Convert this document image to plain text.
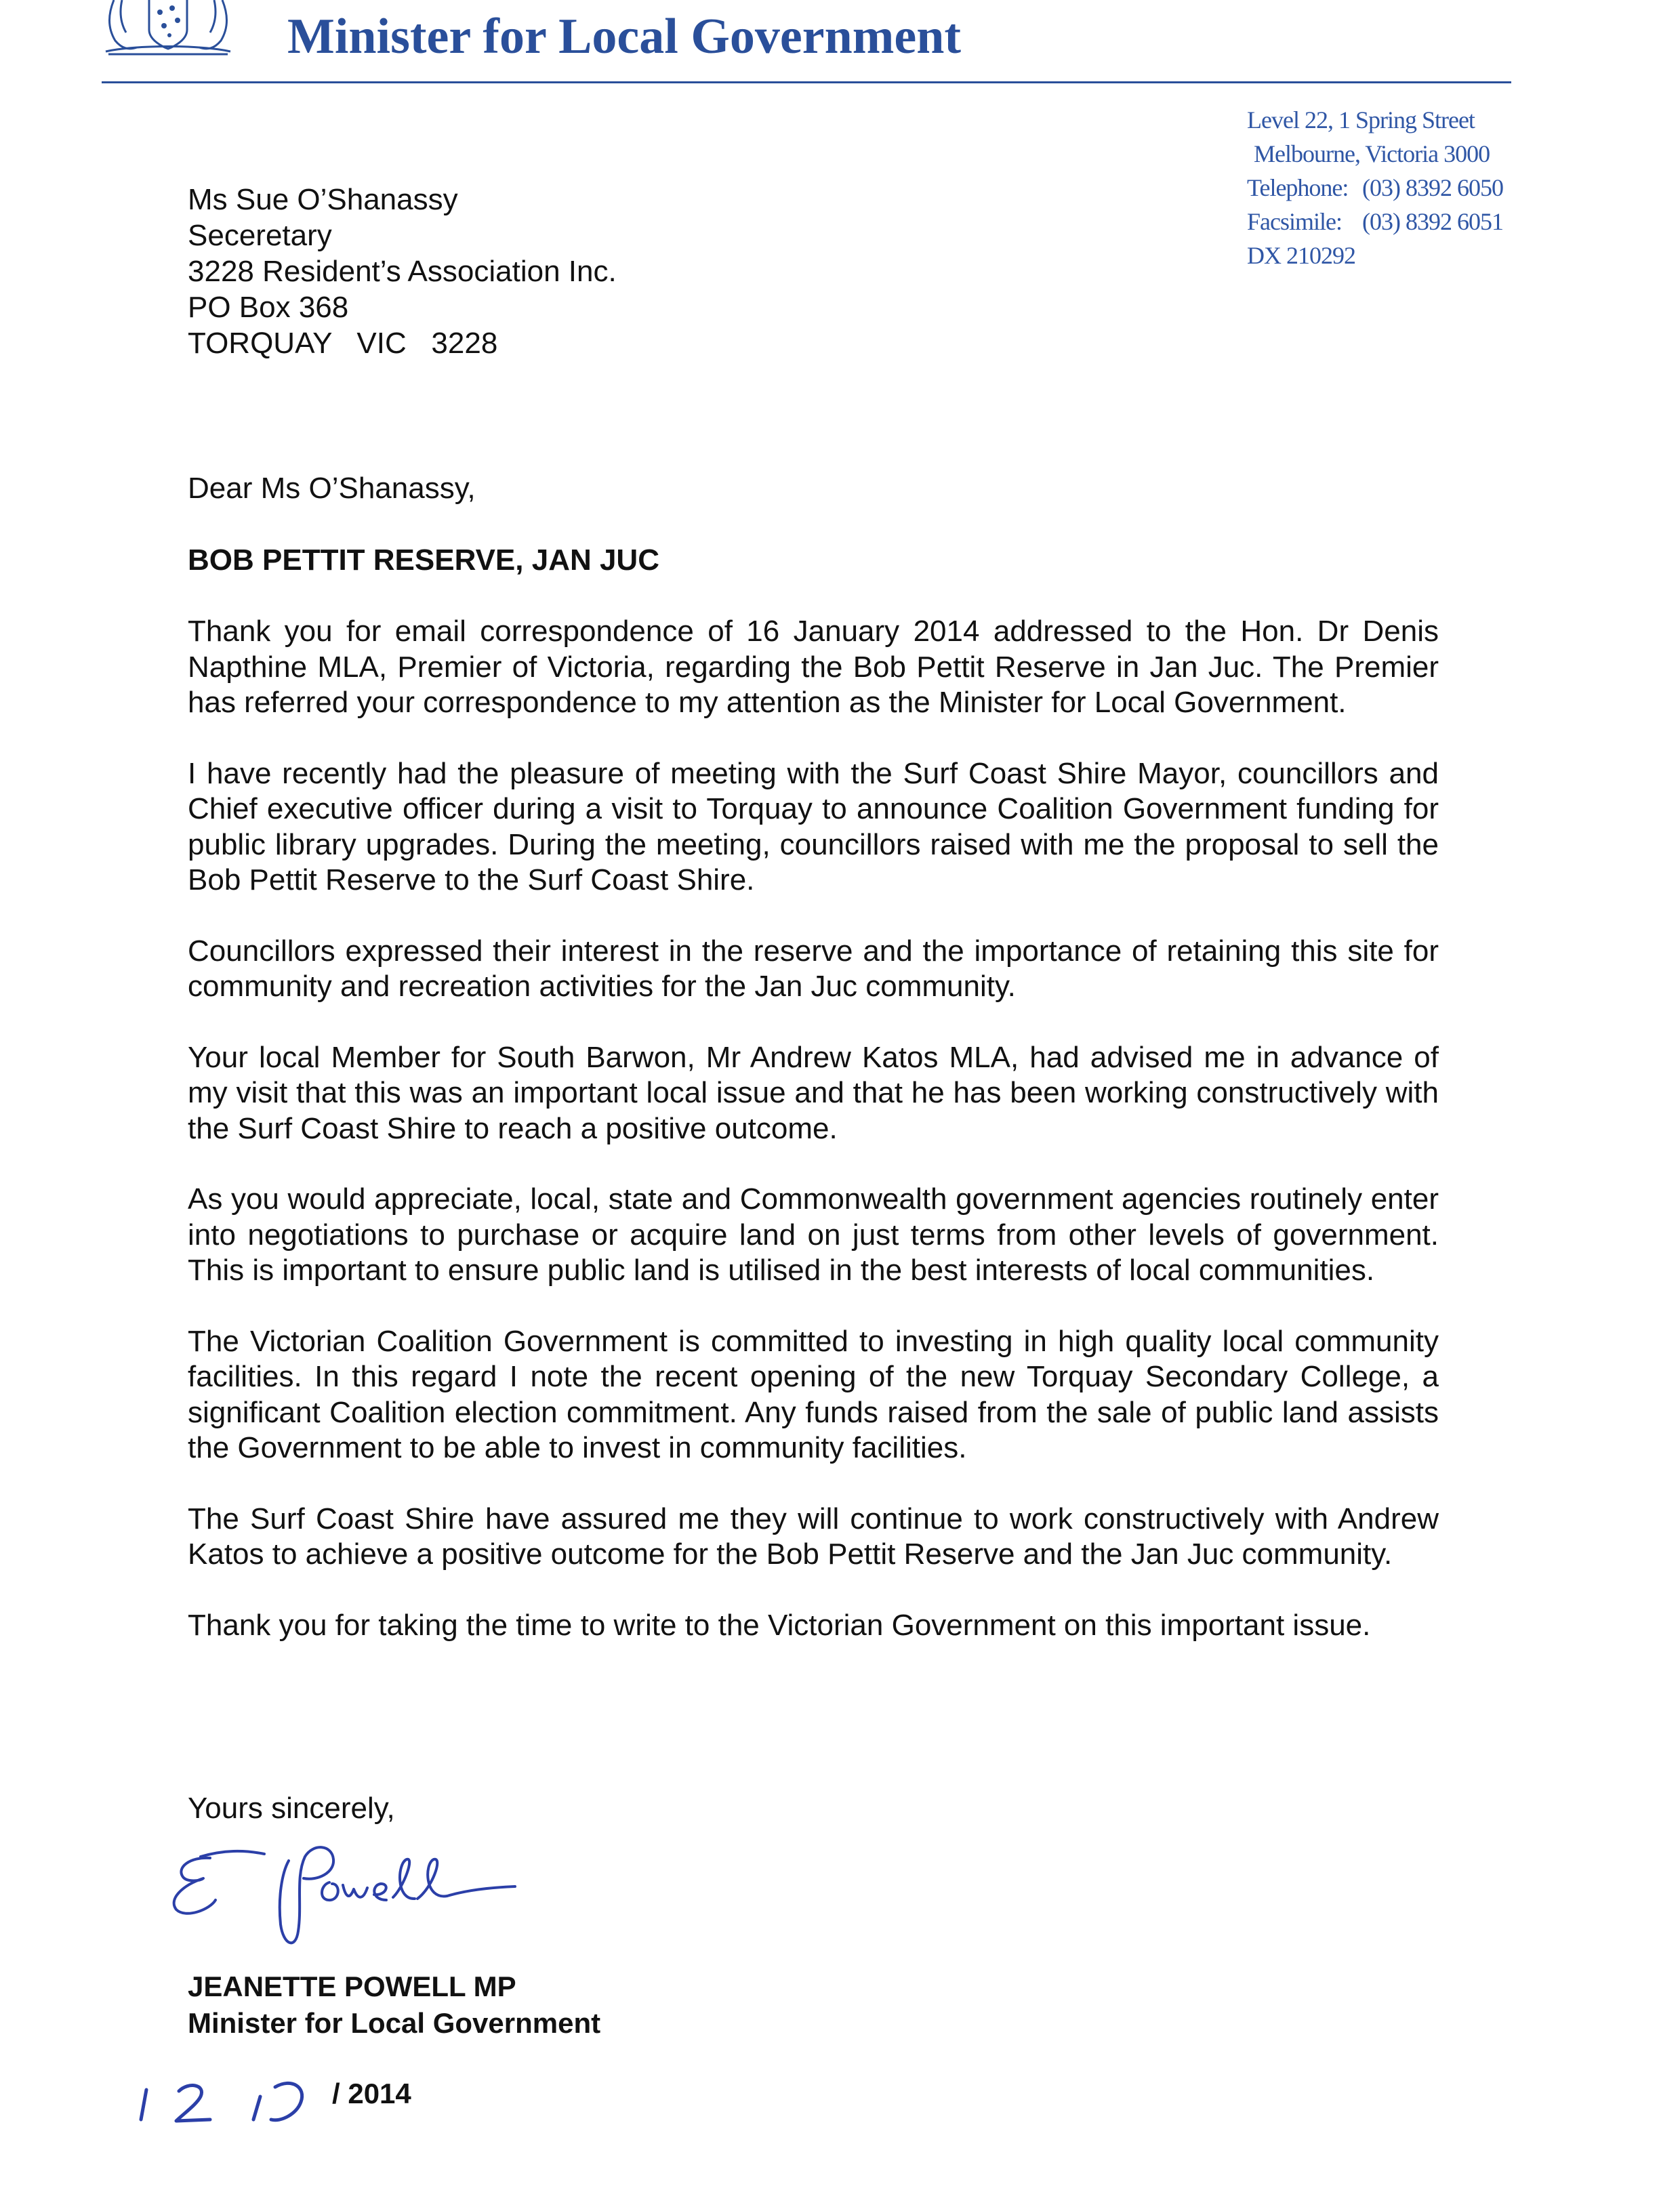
Minister for Local Government
Level 22, 1 Spring Street
Melbourne, Victoria 3000
Telephone: (03) 8392 6050
Facsimile: (03) 8392 6051
DX 210292
Ms Sue O’Shanassy
Seceretary
3228 Resident’s Association Inc.
PO Box 368
TORQUAY   VIC   3228
Dear Ms O’Shanassy,
BOB PETTIT RESERVE, JAN JUC

Thank you for email correspondence of 16 January 2014 addressed to the Hon. Dr Denis Napthine MLA, Premier of Victoria, regarding the Bob Pettit Reserve in Jan Juc. The Premier has referred your correspondence to my attention as the Minister for Local Government.

I have recently had the pleasure of meeting with the Surf Coast Shire Mayor, councillors and Chief executive officer during a visit to Torquay to announce Coalition Government funding for public library upgrades. During the meeting, councillors raised with me the proposal to sell the Bob Pettit Reserve to the Surf Coast Shire.

Councillors expressed their interest in the reserve and the importance of retaining this site for community and recreation activities for the Jan Juc community.

Your local Member for South Barwon, Mr Andrew Katos MLA, had advised me in advance of my visit that this was an important local issue and that he has been working constructively with the Surf Coast Shire to reach a positive outcome.

As you would appreciate, local, state and Commonwealth government agencies routinely enter into negotiations to purchase or acquire land on just terms from other levels of government. This is important to ensure public land is utilised in the best interests of local communities.

The Victorian Coalition Government is committed to investing in high quality local community facilities. In this regard I note the recent opening of the new Torquay Secondary College, a significant Coalition election commitment. Any funds raised from the sale of public land assists the Government to be able to invest in community facilities.

The Surf Coast Shire have assured me they will continue to work constructively with Andrew Katos to achieve a positive outcome for the Bob Pettit Reserve and the Jan Juc community.

Thank you for taking the time to write to the Victorian Government on this important issue.

Yours sincerely,
JEANETTE POWELL MP
Minister for Local Government
/ 2014
